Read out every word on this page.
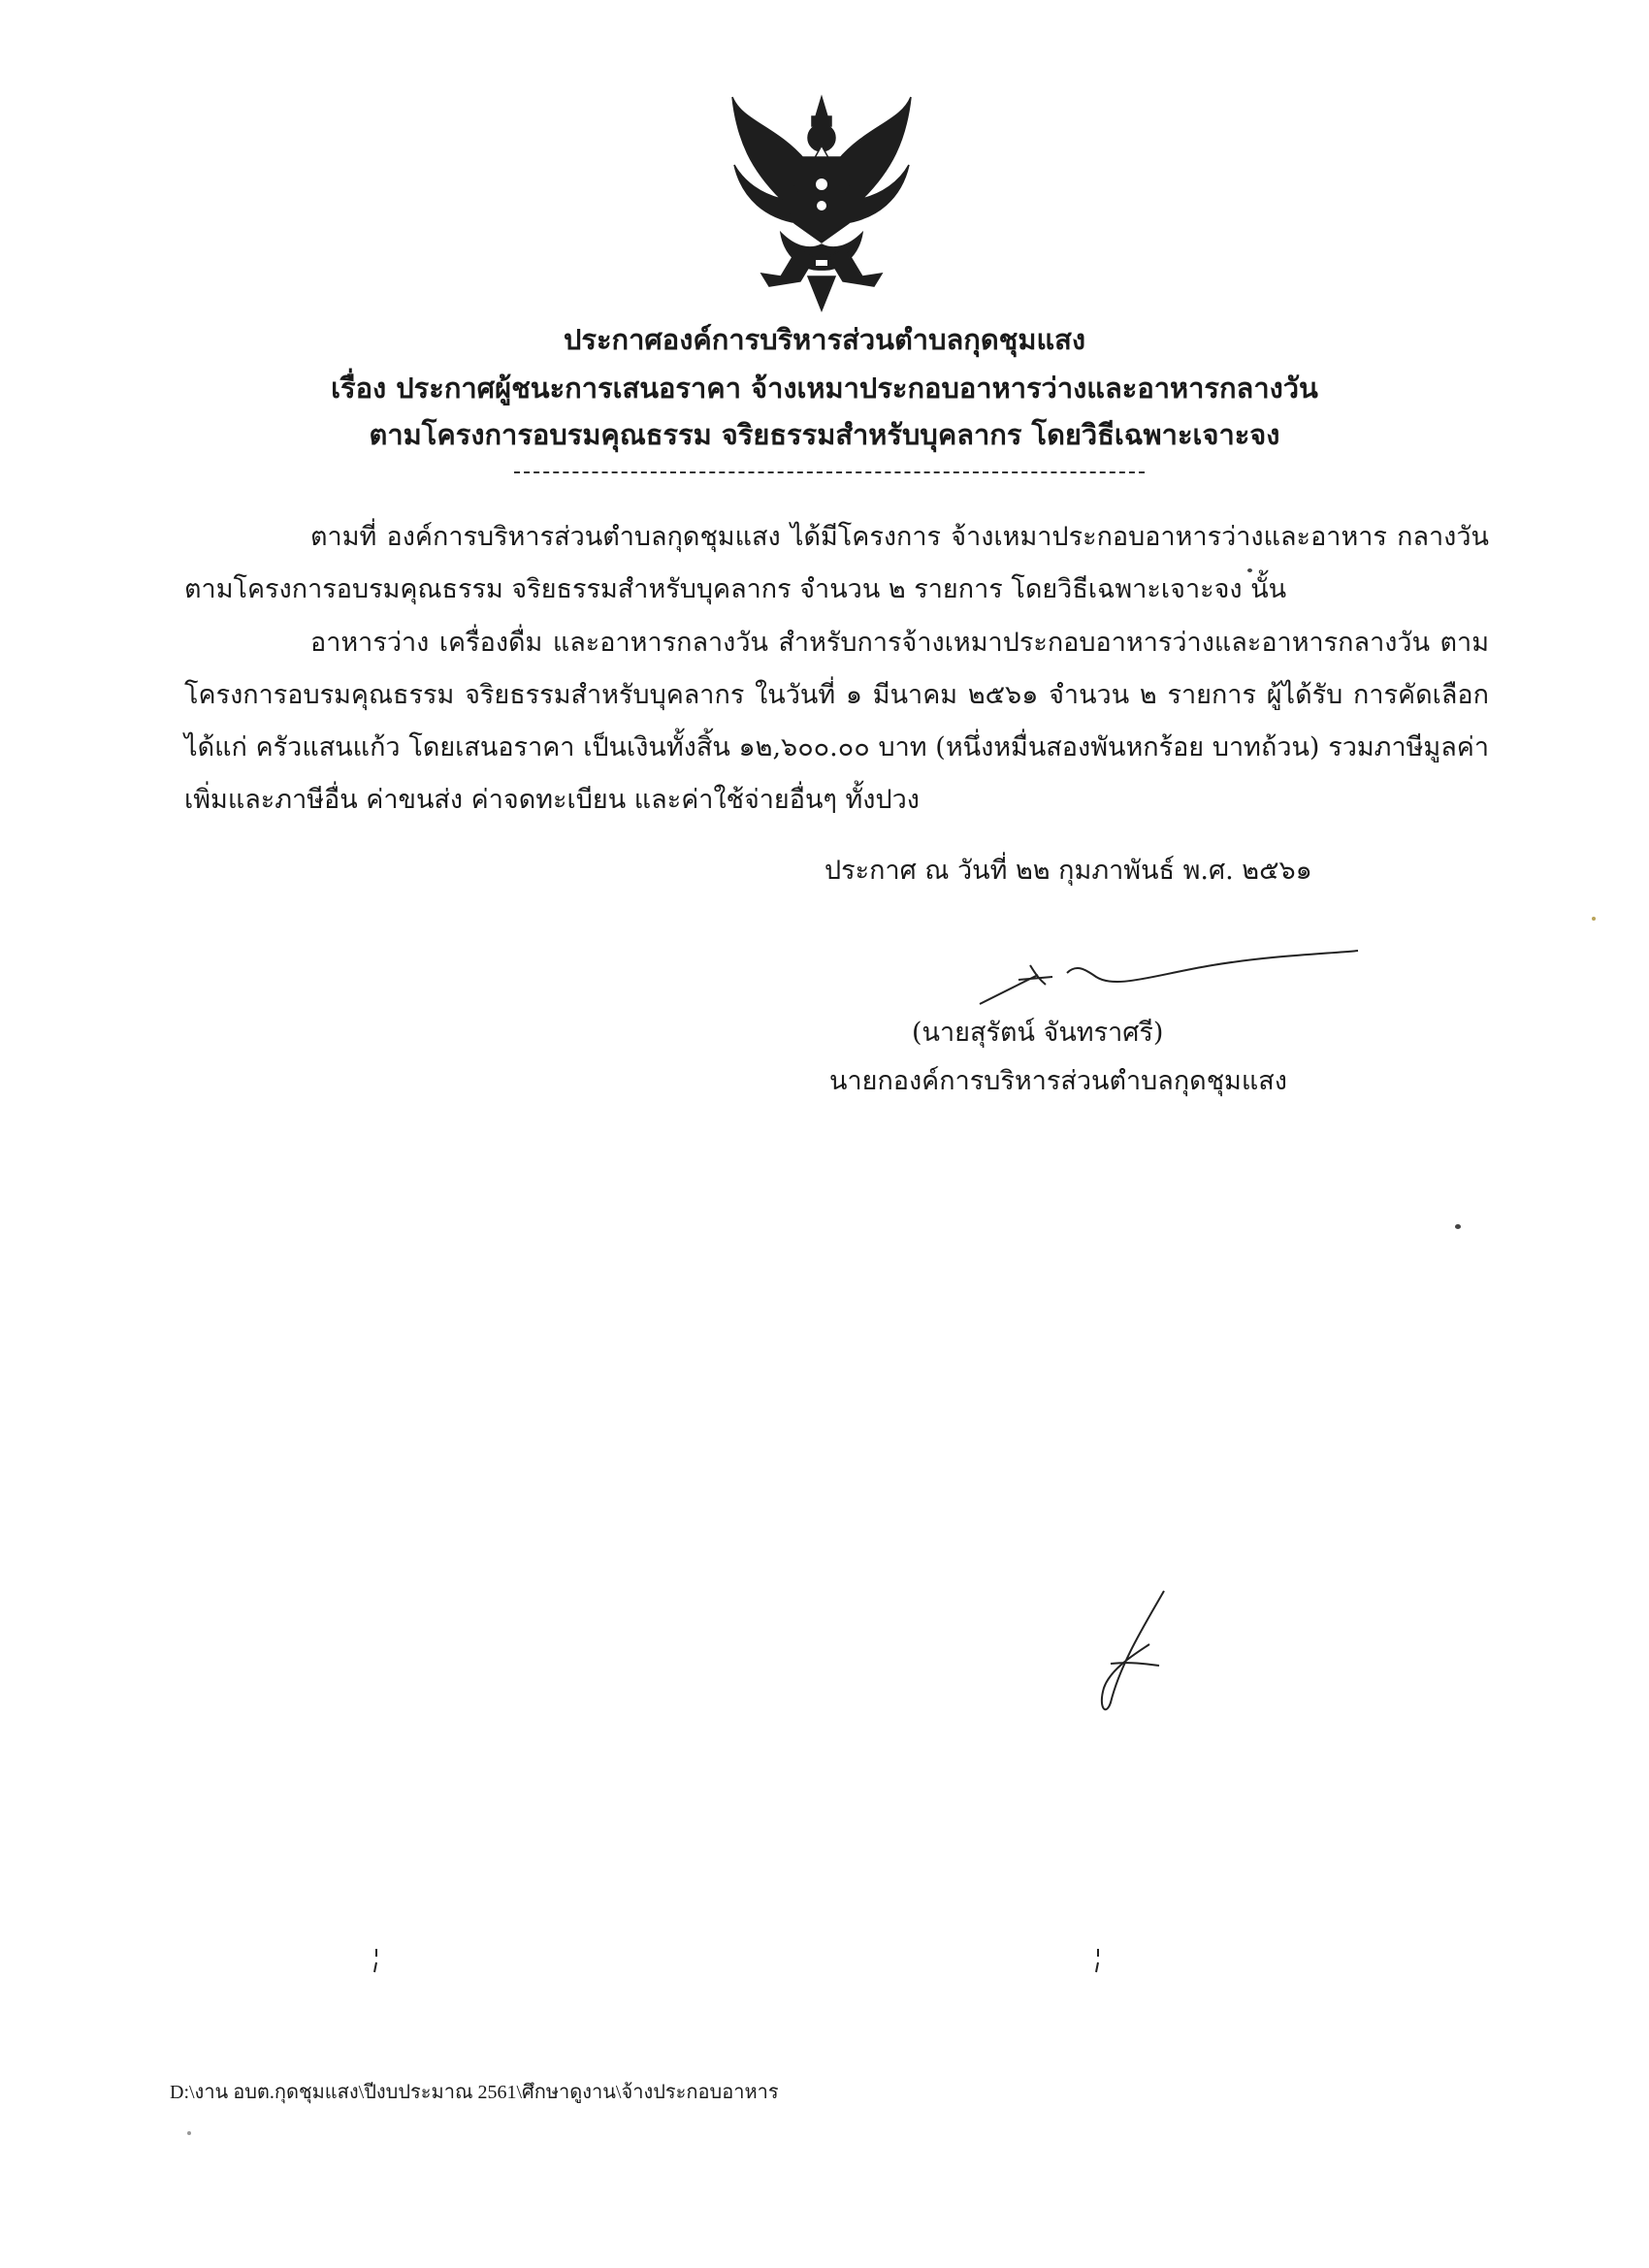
ประกาศองค์การบริหารส่วนตำบลกุดชุมแสง
เรื่อง ประกาศผู้ชนะการเสนอราคา จ้างเหมาประกอบอาหารว่างและอาหารกลางวัน
ตามโครงการอบรมคุณธรรม จริยธรรมสำหรับบุคลากร โดยวิธีเฉพาะเจาะจง
ตามที่ องค์การบริหารส่วนตำบลกุดชุมแสง ได้มีโครงการ จ้างเหมาประกอบอาหารว่างและอาหาร กลางวัน ตามโครงการอบรมคุณธรรม จริยธรรมสำหรับบุคลากร จำนวน ๒ รายการ โดยวิธีเฉพาะเจาะจง นั้น
อาหารว่าง เครื่องดื่ม และอาหารกลางวัน สำหรับการจ้างเหมาประกอบอาหารว่างและอาหารกลางวัน ตามโครงการอบรมคุณธรรม จริยธรรมสำหรับบุคลากร ในวันที่ ๑ มีนาคม ๒๕๖๑ จำนวน ๒ รายการ ผู้ได้รับ การคัดเลือก ได้แก่ ครัวแสนแก้ว โดยเสนอราคา เป็นเงินทั้งสิ้น ๑๒,๖๐๐.๐๐ บาท (หนึ่งหมื่นสองพันหกร้อย บาทถ้วน) รวมภาษีมูลค่าเพิ่มและภาษีอื่น ค่าขนส่ง ค่าจดทะเบียน และค่าใช้จ่ายอื่นๆ ทั้งปวง
ประกาศ ณ วันที่ ๒๒ กุมภาพันธ์ พ.ศ. ๒๕๖๑
(นายสุรัตน์ จันทราศรี)
นายกองค์การบริหารส่วนตำบลกุดชุมแสง
D:\งาน อบต.กุดชุมแสง\ปีงบประมาณ 2561\ศึกษาดูงาน\จ้างประกอบอาหาร
